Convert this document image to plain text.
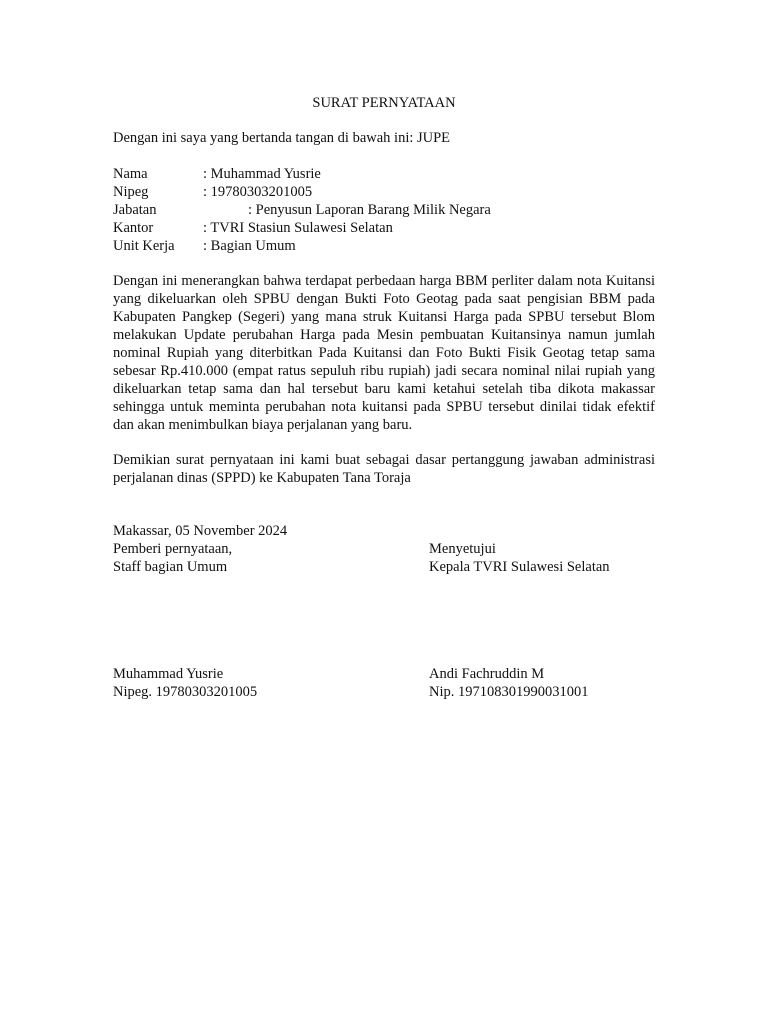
SURAT PERNYATAAN
Dengan ini saya yang bertanda tangan di bawah ini: JUPE
Nama	: Muhammad Yusrie
Nipeg	: 19780303201005
Jabatan	: Penyusun Laporan Barang Milik Negara
Kantor	: TVRI Stasiun Sulawesi Selatan
Unit Kerja : Bagian Umum
Dengan ini menerangkan bahwa terdapat perbedaan harga BBM perliter dalam nota Kuitansi yang dikeluarkan oleh SPBU dengan Bukti Foto Geotag pada saat pengisian BBM pada Kabupaten Pangkep (Segeri) yang mana struk Kuitansi Harga pada SPBU tersebut Blom melakukan Update perubahan Harga pada Mesin pembuatan Kuitansinya namun jumlah nominal Rupiah yang diterbitkan Pada Kuitansi dan Foto Bukti Fisik Geotag tetap sama sebesar Rp.410.000 (empat ratus sepuluh ribu rupiah) jadi secara nominal nilai rupiah yang dikeluarkan tetap sama dan hal tersebut baru kami ketahui setelah tiba dikota makassar sehingga untuk meminta perubahan nota kuitansi pada SPBU tersebut dinilai tidak efektif dan akan menimbulkan biaya perjalanan yang baru.
Demikian surat pernyataan ini kami buat sebagai dasar pertanggung jawaban administrasi perjalanan dinas (SPPD) ke Kabupaten Tana Toraja
Makassar, 05 November 2024
Pemberi pernyataan,
Staff bagian Umum
Menyetujui
Kepala TVRI Sulawesi Selatan
Muhammad Yusrie
Nipeg. 19780303201005
Andi Fachruddin M
Nip. 197108301990031001
